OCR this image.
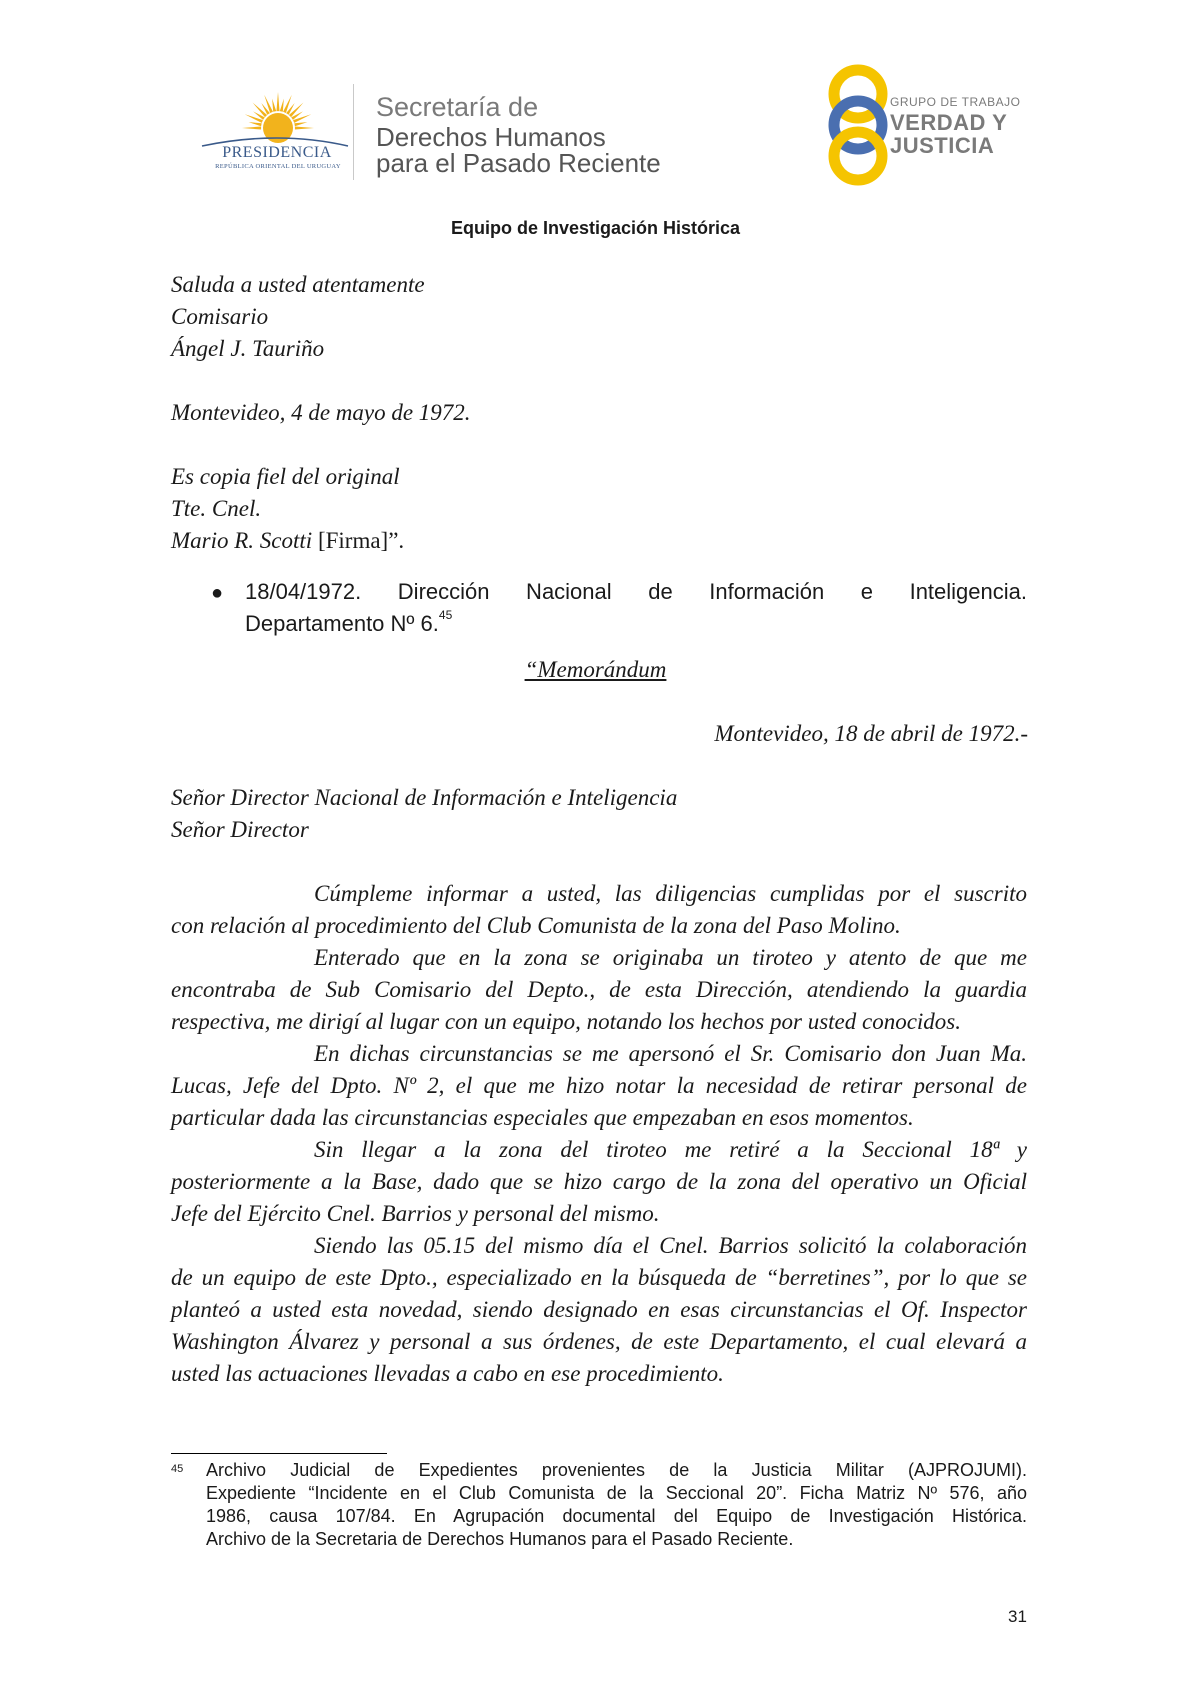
PRESIDENCIA
REPÚBLICA ORIENTAL DEL URUGUAY
Secretaría de
Derechos Humanos
para el Pasado Reciente
GRUPO DE TRABAJO
VERDAD Y
JUSTICIA
Equipo de Investigación Histórica
Saluda a usted atentamente
Comisario
Ángel J. Tauriño
Montevideo, 4 de mayo de 1972.
Es copia fiel del original
Tte. Cnel.
Mario R. Scotti [Firma]”.
● 18/04/1972. Dirección Nacional de Información e Inteligencia.
Departamento Nº 6.45
“Memorándum
Montevideo, 18 de abril de 1972.-
Señor Director Nacional de Información e Inteligencia
Señor Director
Cúmpleme informar a usted, las diligencias cumplidas por el suscrito
con relación al procedimiento del Club Comunista de la zona del Paso Molino.
Enterado que en la zona se originaba un tiroteo y atento de que me
encontraba de Sub Comisario del Depto., de esta Dirección, atendiendo la guardia
respectiva, me dirigí al lugar con un equipo, notando los hechos por usted conocidos.
En dichas circunstancias se me apersonó el Sr. Comisario don Juan Ma.
Lucas, Jefe del Dpto. Nº 2, el que me hizo notar la necesidad de retirar personal de
particular dada las circunstancias especiales que empezaban en esos momentos.
Sin llegar a la zona del tiroteo me retiré a la Seccional 18ª y
posteriormente a la Base, dado que se hizo cargo de la zona del operativo un Oficial
Jefe del Ejército Cnel. Barrios y personal del mismo.
Siendo las 05.15 del mismo día el Cnel. Barrios solicitó la colaboración
de un equipo de este Dpto., especializado en la búsqueda de “berretines”, por lo que se
planteó a usted esta novedad, siendo designado en esas circunstancias el Of. Inspector
Washington Álvarez y personal a sus órdenes, de este Departamento, el cual elevará a
usted las actuaciones llevadas a cabo en ese procedimiento.
45 Archivo Judicial de Expedientes provenientes de la Justicia Militar (AJPROJUMI).
Expediente “Incidente en el Club Comunista de la Seccional 20”. Ficha Matriz Nº 576, año
1986, causa 107/84. En Agrupación documental del Equipo de Investigación Histórica.
Archivo de la Secretaria de Derechos Humanos para el Pasado Reciente.
31
